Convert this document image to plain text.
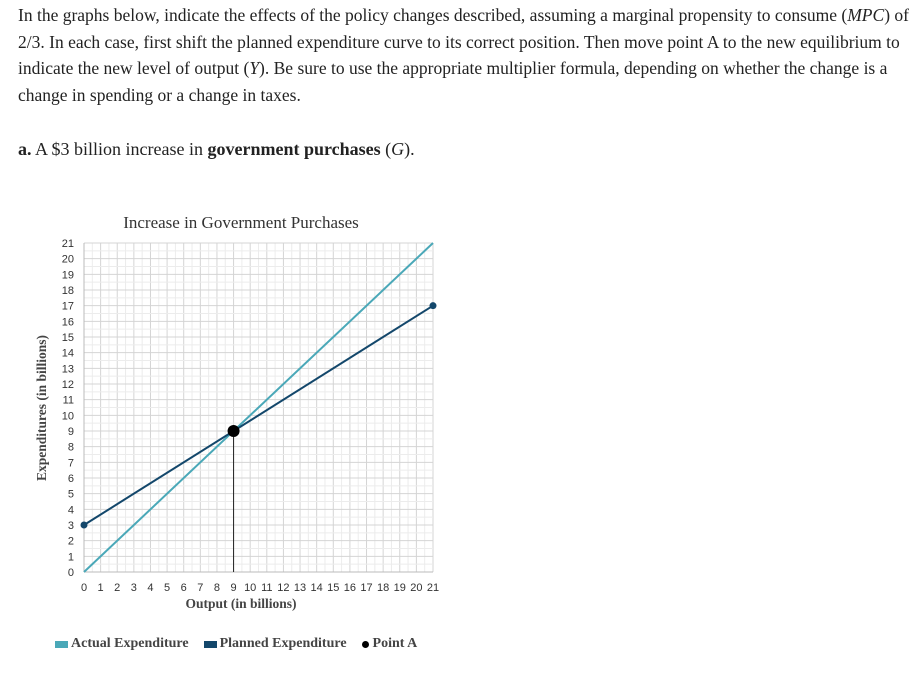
In the graphs below, indicate the effects of the policy changes described, assuming a marginal propensity to consume (MPC) of 2/3. In each case, first shift the planned expenditure curve to its correct position. Then move point A to the new equilibrium to indicate the new level of output (Y). Be sure to use the appropriate multiplier formula, depending on whether the change is a change in spending or a change in taxes.

a. A $3 billion increase in government purchases (G).

Increase in Government Purchases
0 1 2 3 4 5 6 7 8 9 10 11 12 13 14 15 16 17 18 19 20 21
0
1
2
3
4
5
6
7
8
9
10
11
12
13
14
15
16
17
18
19
20
21
Output (in billions)
Expenditures (in billions)
Actual Expenditure Planned Expenditure Point A
